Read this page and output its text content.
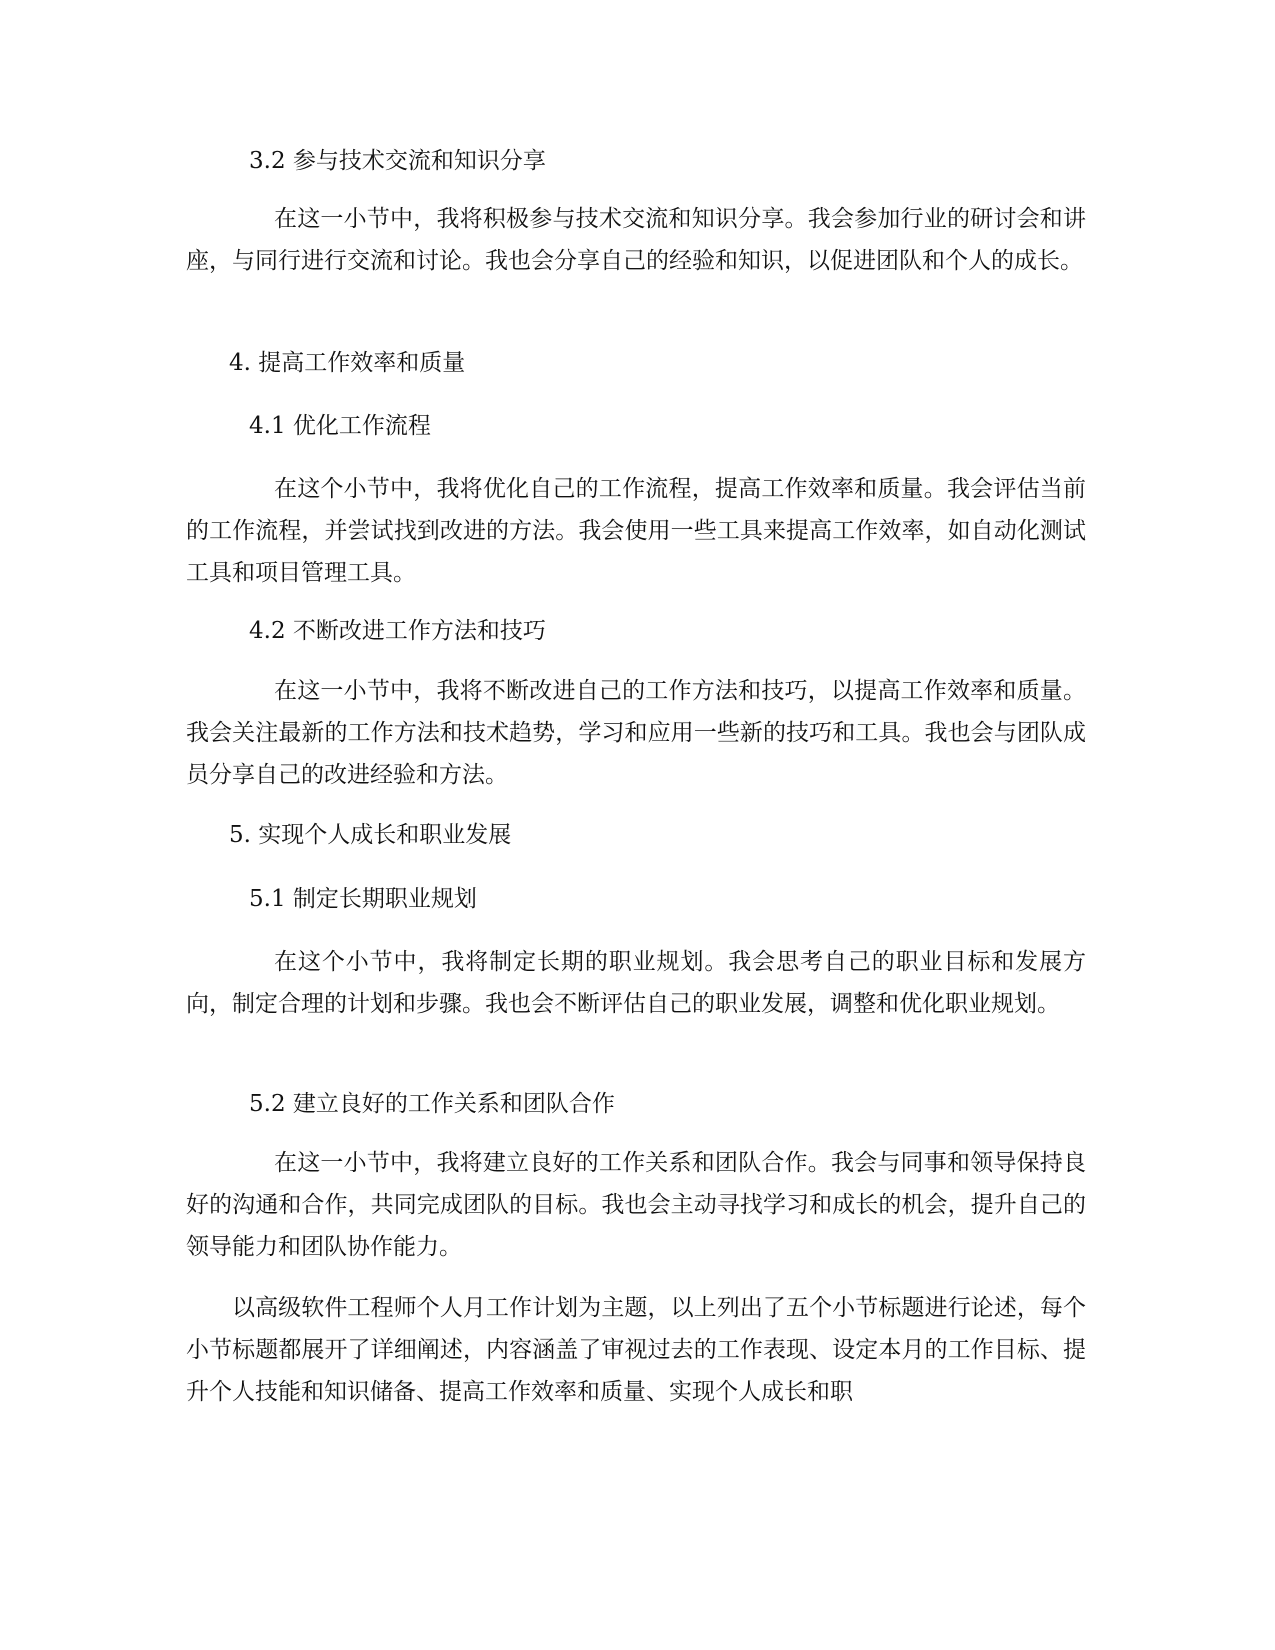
3.2 参与技术交流和知识分享

在这一小节中，我将积极参与技术交流和知识分享。我会参加行业的研讨会和讲座，与同行进行交流和讨论。我也会分享自己的经验和知识，以促进团队和个人的成长。

4. 提高工作效率和质量
4.1 优化工作流程

在这个小节中，我将优化自己的工作流程，提高工作效率和质量。我会评估当前的工作流程，并尝试找到改进的方法。我会使用一些工具来提高工作效率，如自动化测试工具和项目管理工具。

4.2 不断改进工作方法和技巧

在这一小节中，我将不断改进自己的工作方法和技巧，以提高工作效率和质量。我会关注最新的工作方法和技术趋势，学习和应用一些新的技巧和工具。我也会与团队成员分享自己的改进经验和方法。

5. 实现个人成长和职业发展
5.1 制定长期职业规划

在这个小节中，我将制定长期的职业规划。我会思考自己的职业目标和发展方向，制定合理的计划和步骤。我也会不断评估自己的职业发展，调整和优化职业规划。

5.2 建立良好的工作关系和团队合作

在这一小节中，我将建立良好的工作关系和团队合作。我会与同事和领导保持良好的沟通和合作，共同完成团队的目标。我也会主动寻找学习和成长的机会，提升自己的领导能力和团队协作能力。

以高级软件工程师个人月工作计划为主题，以上列出了五个小节标题进行论述，每个小节标题都展开了详细阐述，内容涵盖了审视过去的工作表现、设定本月的工作目标、提升个人技能和知识储备、提高工作效率和质量、实现个人成长和职
